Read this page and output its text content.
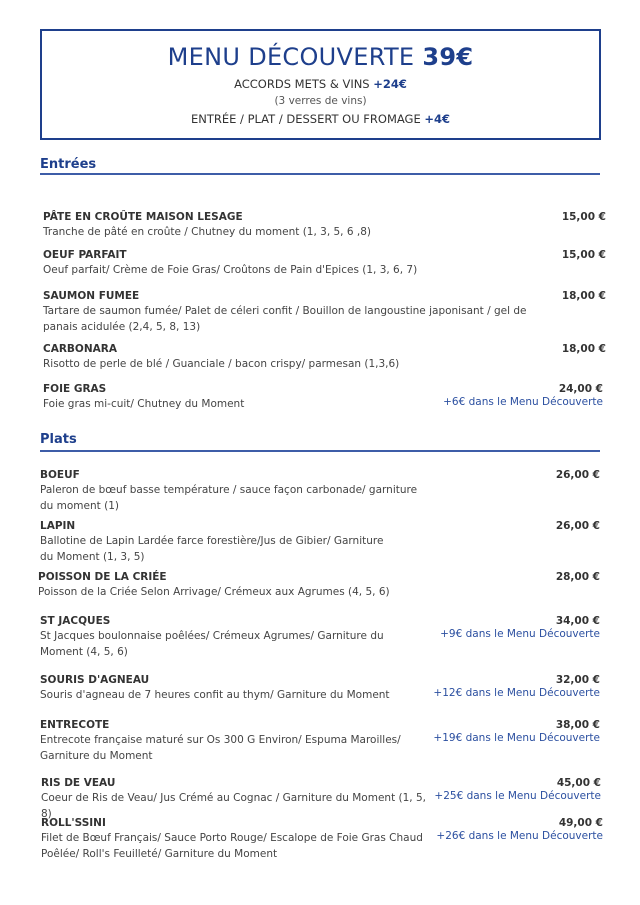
MENU DÉCOUVERTE 39€
ACCORDS METS & VINS +24€
(3 verres de vins)
ENTRÉE / PLAT / DESSERT OU FROMAGE +4€
Entrées
Plats
PÂTE EN CROÛTE MAISON LESAGE
Tranche de pâté en croûte / Chutney du moment (1, 3, 5, 6 ,8)
15,00 €
OEUF PARFAIT
Oeuf parfait/ Crème de Foie Gras/ Croûtons de Pain d'Epices (1, 3, 6, 7)
15,00 €
SAUMON FUMEE
Tartare de saumon fumée/ Palet de céleri confit / Bouillon de langoustine japonisant / gel de
panais acidulée (2,4, 5, 8, 13)
18,00 €
CARBONARA
Risotto de perle de blé / Guanciale / bacon crispy/ parmesan (1,3,6)
18,00 €
FOIE GRAS
Foie gras mi-cuit/ Chutney du Moment
24,00 €
+6€ dans le Menu Découverte
BOEUF
Paleron de bœuf basse température / sauce façon carbonade/ garniture
du moment (1)
26,00 €
LAPIN
Ballotine de Lapin Lardée farce forestière/Jus de Gibier/ Garniture
du Moment (1, 3, 5)
26,00 €
POISSON DE LA CRIÉE
Poisson de la Criée Selon Arrivage/ Crémeux aux Agrumes (4, 5, 6)
28,00 €
ST JACQUES
St Jacques boulonnaise poêlées/ Crémeux Agrumes/ Garniture du
Moment (4, 5, 6)
34,00 €
+9€ dans le Menu Découverte
SOURIS D'AGNEAU
Souris d'agneau de 7 heures confit au thym/ Garniture du Moment
32,00 €
+12€ dans le Menu Découverte
ENTRECOTE
Entrecote française maturé sur Os 300 G Environ/ Espuma Maroilles/
Garniture du Moment
38,00 €
+19€ dans le Menu Découverte
RIS DE VEAU
Coeur de Ris de Veau/ Jus Crémé au Cognac / Garniture du Moment (1, 5,
8)
45,00 €
+25€ dans le Menu Découverte
ROLL'SSINI
Filet de Bœuf Français/ Sauce Porto Rouge/ Escalope de Foie Gras Chaud
Poêlée/ Roll's Feuilleté/ Garniture du Moment
49,00 €
+26€ dans le Menu Découverte
